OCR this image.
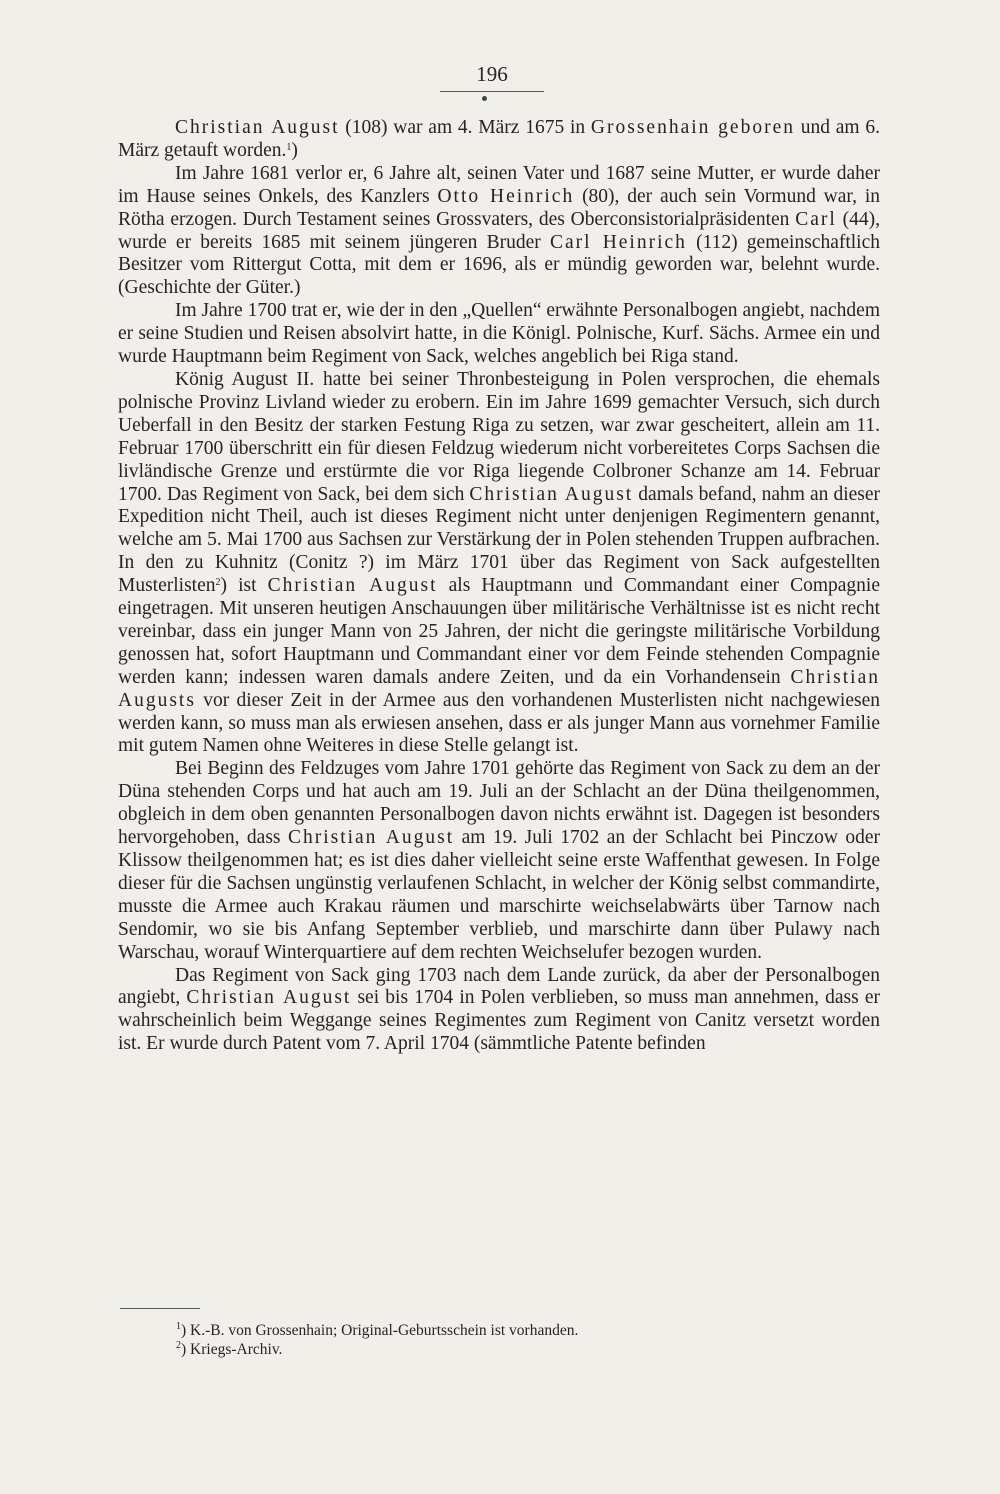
196

Christian August (108) war am 4. März 1675 in Grossenhain geboren und am 6. März getauft worden.$^1$)

Im Jahre 1681 verlor er, 6 Jahre alt, seinen Vater und 1687 seine Mutter, er wurde daher im Hause seines Onkels, des Kanzlers Otto Heinrich (80), der auch sein Vormund war, in Rötha erzogen. Durch Testament seines Grossvaters, des Oberconsistorialpräsidenten Carl (44), wurde er bereits 1685 mit seinem jüngeren Bruder Carl Heinrich (112) gemeinschaftlich Besitzer vom Rittergut Cotta, mit dem er 1696, als er mündig geworden war, belehnt wurde. (Geschichte der Güter.)

Im Jahre 1700 trat er, wie der in den „Quellen“ erwähnte Personalbogen angiebt, nachdem er seine Studien und Reisen absolvirt hatte, in die Königl. Polnische, Kurf. Sächs. Armee ein und wurde Hauptmann beim Regiment von Sack, welches angeblich bei Riga stand.

König August II. hatte bei seiner Thronbesteigung in Polen versprochen, die ehemals polnische Provinz Livland wieder zu erobern. Ein im Jahre 1699 gemachter Versuch, sich durch Ueberfall in den Besitz der starken Festung Riga zu setzen, war zwar gescheitert, allein am 11. Februar 1700 überschritt ein für diesen Feldzug wiederum nicht vorbereitetes Corps Sachsen die livländische Grenze und erstürmte die vor Riga liegende Colbroner Schanze am 14. Februar 1700. Das Regiment von Sack, bei dem sich Christian August damals befand, nahm an dieser Expedition nicht Theil, auch ist dieses Regiment nicht unter denjenigen Regimentern genannt, welche am 5. Mai 1700 aus Sachsen zur Verstärkung der in Polen stehenden Truppen aufbrachen. In den zu Kuhnitz (Conitz ?) im März 1701 über das Regiment von Sack aufgestellten Musterlisten$^2$) ist Christian August als Hauptmann und Commandant einer Compagnie eingetragen. Mit unseren heutigen Anschauungen über militärische Verhältnisse ist es nicht recht vereinbar, dass ein junger Mann von 25 Jahren, der nicht die geringste militärische Vorbildung genossen hat, sofort Hauptmann und Commandant einer vor dem Feinde stehenden Compagnie werden kann; indessen waren damals andere Zeiten, und da ein Vorhandensein Christian Augusts vor dieser Zeit in der Armee aus den vorhandenen Musterlisten nicht nachgewiesen werden kann, so muss man als erwiesen ansehen, dass er als junger Mann aus vornehmer Familie mit gutem Namen ohne Weiteres in diese Stelle gelangt ist.

Bei Beginn des Feldzuges vom Jahre 1701 gehörte das Regiment von Sack zu dem an der Düna stehenden Corps und hat auch am 19. Juli an der Schlacht an der Düna theilgenommen, obgleich in dem oben genannten Personalbogen davon nichts erwähnt ist. Dagegen ist besonders hervorgehoben, dass Christian August am 19. Juli 1702 an der Schlacht bei Pinczow oder Klissow theilgenommen hat; es ist dies daher vielleicht seine erste Waffenthat gewesen. In Folge dieser für die Sachsen ungünstig verlaufenen Schlacht, in welcher der König selbst commandirte, musste die Armee auch Krakau räumen und marschirte weichselabwärts über Tarnow nach Sendomir, wo sie bis Anfang September verblieb, und marschirte dann über Pulawy nach Warschau, worauf Winterquartiere auf dem rechten Weichselufer bezogen wurden.

Das Regiment von Sack ging 1703 nach dem Lande zurück, da aber der Personalbogen angiebt, Christian August sei bis 1704 in Polen verblieben, so muss man annehmen, dass er wahrscheinlich beim Weggange seines Regimentes zum Regiment von Canitz versetzt worden ist. Er wurde durch Patent vom 7. April 1704 (sämmtliche Patente befinden

$^1$) K.-B. von Grossenhain; Original-Geburtsschein ist vorhanden.
$^2$) Kriegs-Archiv.
